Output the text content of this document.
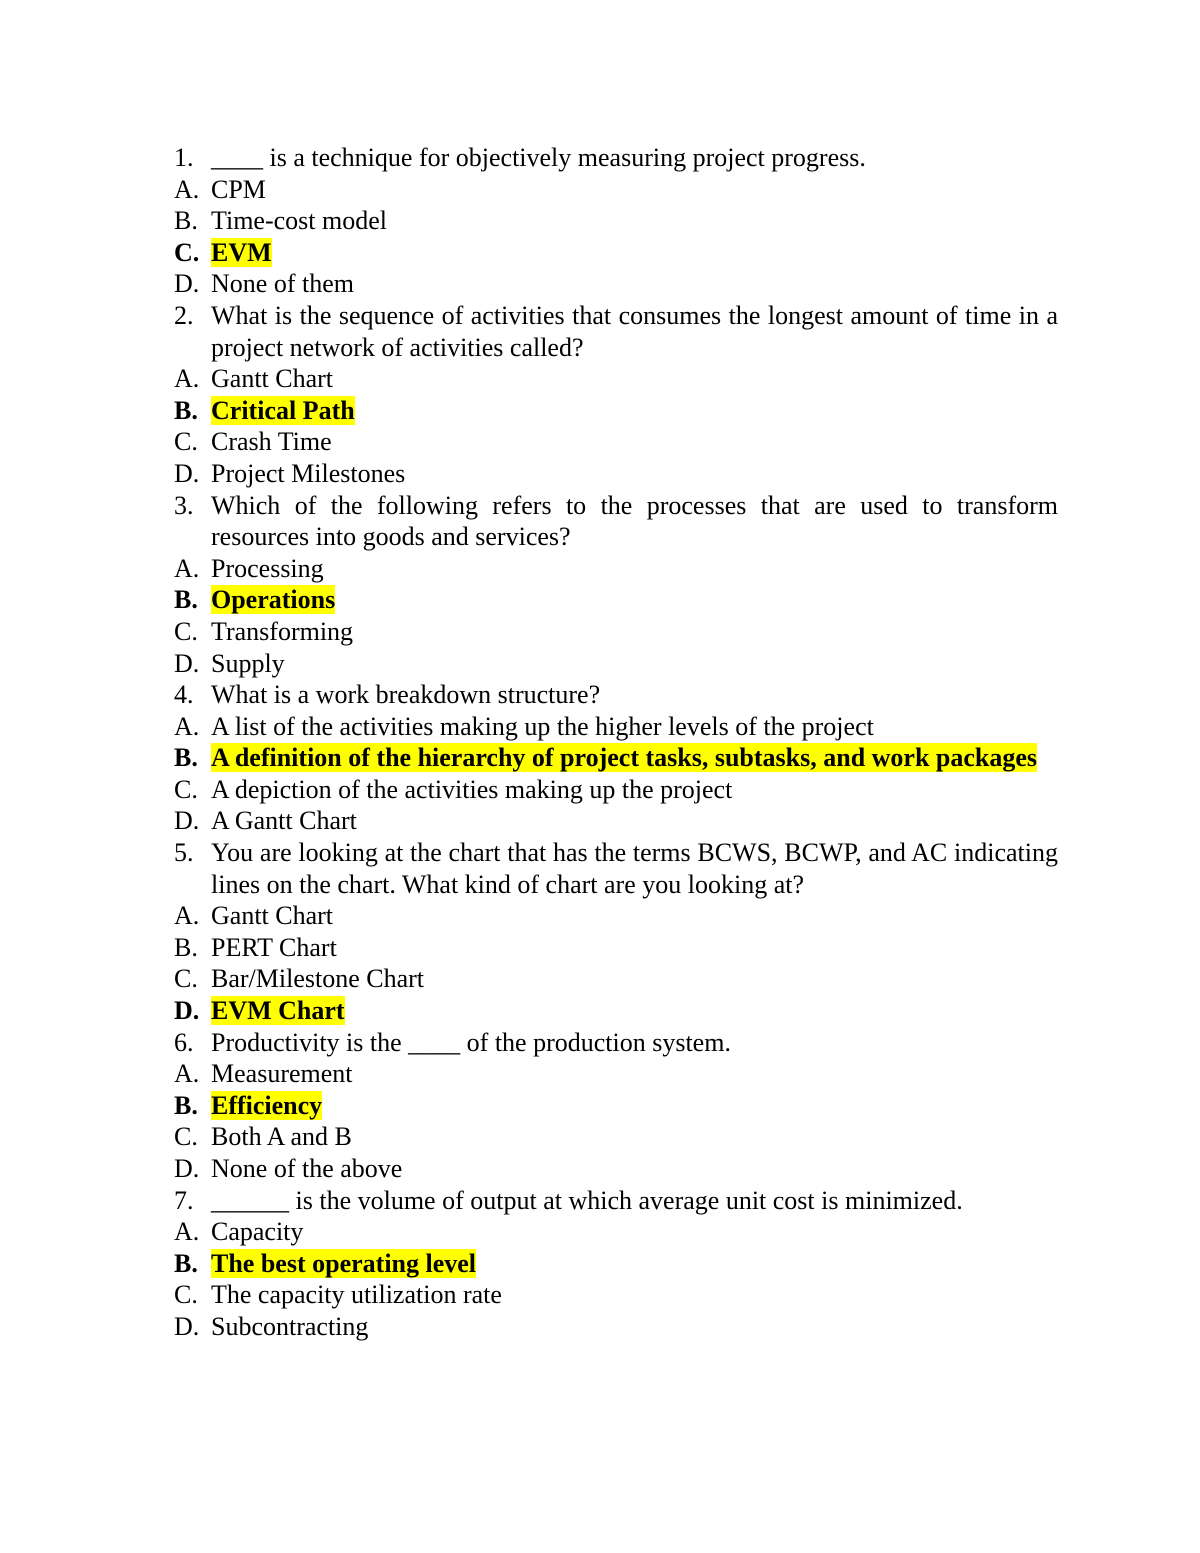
1. ____ is a technique for objectively measuring project progress.
A. CPM
B. Time-cost model
C. EVM
D. None of them
2. What is the sequence of activities that consumes the longest amount of time in a project network of activities called?
A. Gantt Chart
B. Critical Path
C. Crash Time
D. Project Milestones
3. Which of the following refers to the processes that are used to transform resources into goods and services?
A. Processing
B. Operations
C. Transforming
D. Supply
4. What is a work breakdown structure?
A. A list of the activities making up the higher levels of the project
B. A definition of the hierarchy of project tasks, subtasks, and work packages
C. A depiction of the activities making up the project
D. A Gantt Chart
5. You are looking at the chart that has the terms BCWS, BCWP, and AC indicating lines on the chart. What kind of chart are you looking at?
A. Gantt Chart
B. PERT Chart
C. Bar/Milestone Chart
D. EVM Chart
6. Productivity is the ____ of the production system.
A. Measurement
B. Efficiency
C. Both A and B
D. None of the above
7. ______ is the volume of output at which average unit cost is minimized.
A. Capacity
B. The best operating level
C. The capacity utilization rate
D. Subcontracting
